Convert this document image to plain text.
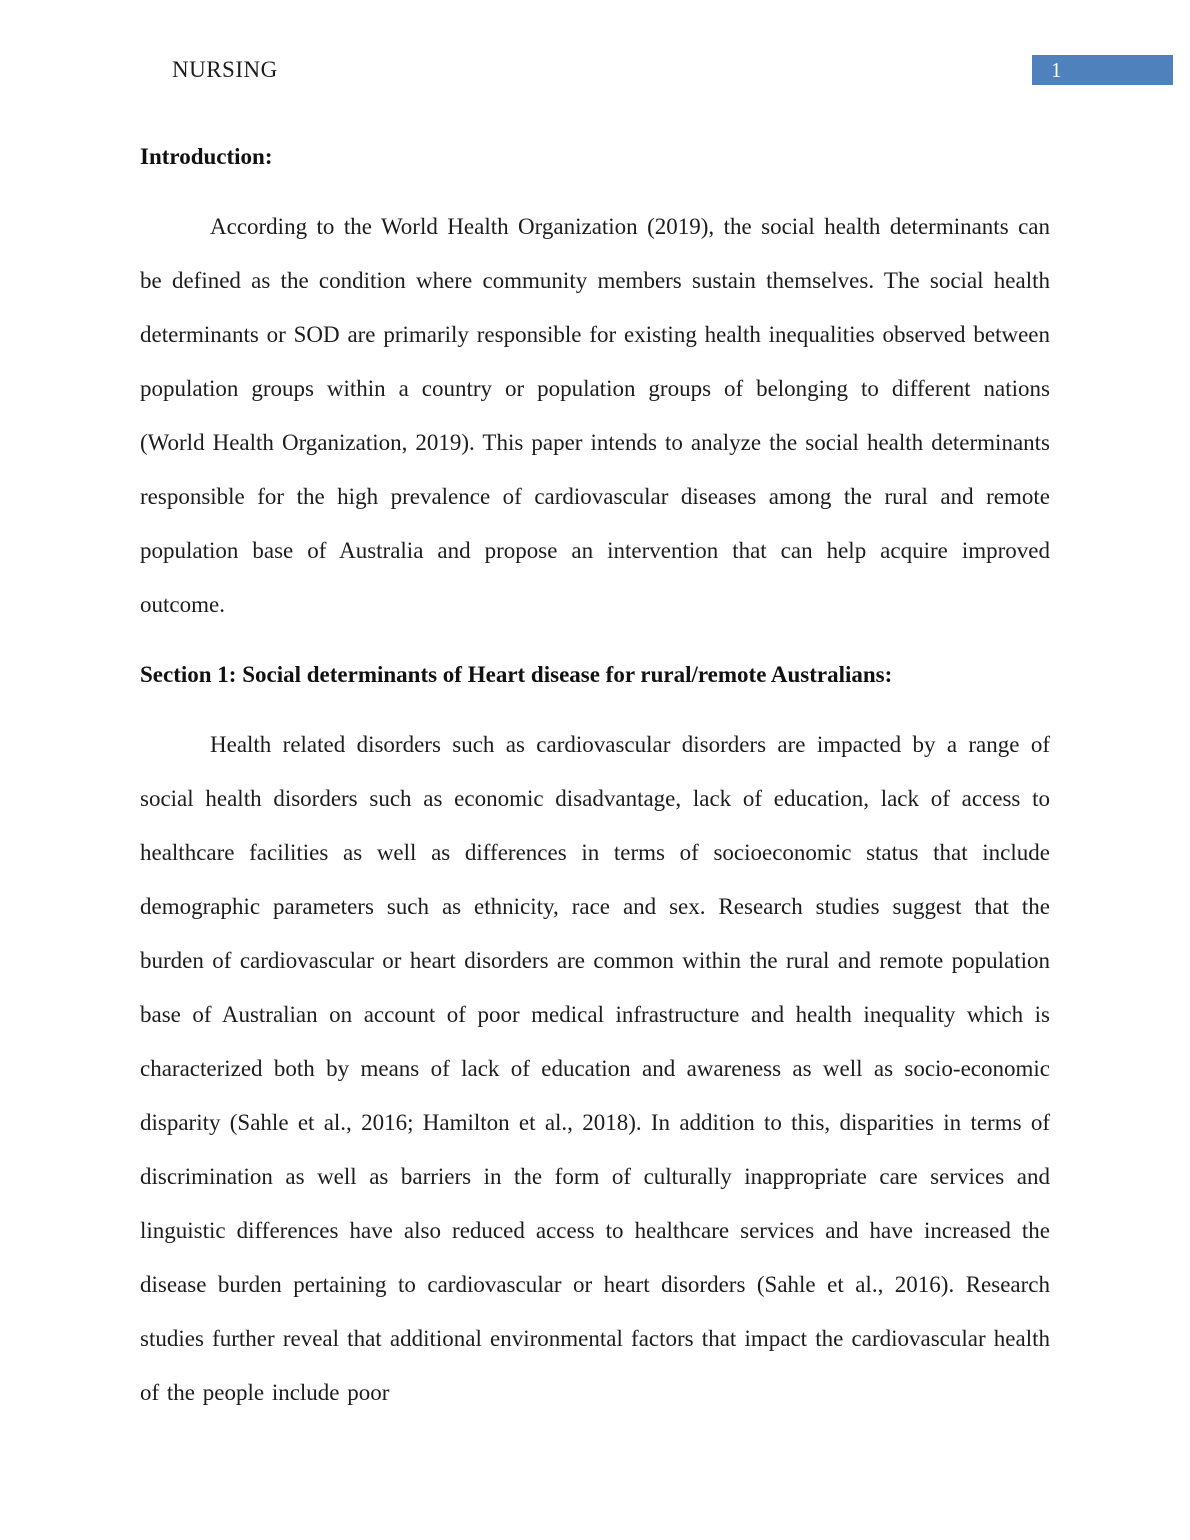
NURSING	1
Introduction:

According to the World Health Organization (2019), the social health determinants can be defined as the condition where community members sustain themselves. The social health determinants or SOD are primarily responsible for existing health inequalities observed between population groups within a country or population groups of belonging to different nations (World Health Organization, 2019). This paper intends to analyze the social health determinants responsible for the high prevalence of cardiovascular diseases among the rural and remote population base of Australia and propose an intervention that can help acquire improved outcome.

Section 1: Social determinants of Heart disease for rural/remote Australians:

Health related disorders such as cardiovascular disorders are impacted by a range of social health disorders such as economic disadvantage, lack of education, lack of access to healthcare facilities as well as differences in terms of socioeconomic status that include demographic parameters such as ethnicity, race and sex. Research studies suggest that the burden of cardiovascular or heart disorders are common within the rural and remote population base of Australian on account of poor medical infrastructure and health inequality which is characterized both by means of lack of education and awareness as well as socio-economic disparity (Sahle et al., 2016; Hamilton et al., 2018). In addition to this, disparities in terms of discrimination as well as barriers in the form of culturally inappropriate care services and linguistic differences have also reduced access to healthcare services and have increased the disease burden pertaining to cardiovascular or heart disorders (Sahle et al., 2016). Research studies further reveal that additional environmental factors that impact the cardiovascular health of the people include poor
